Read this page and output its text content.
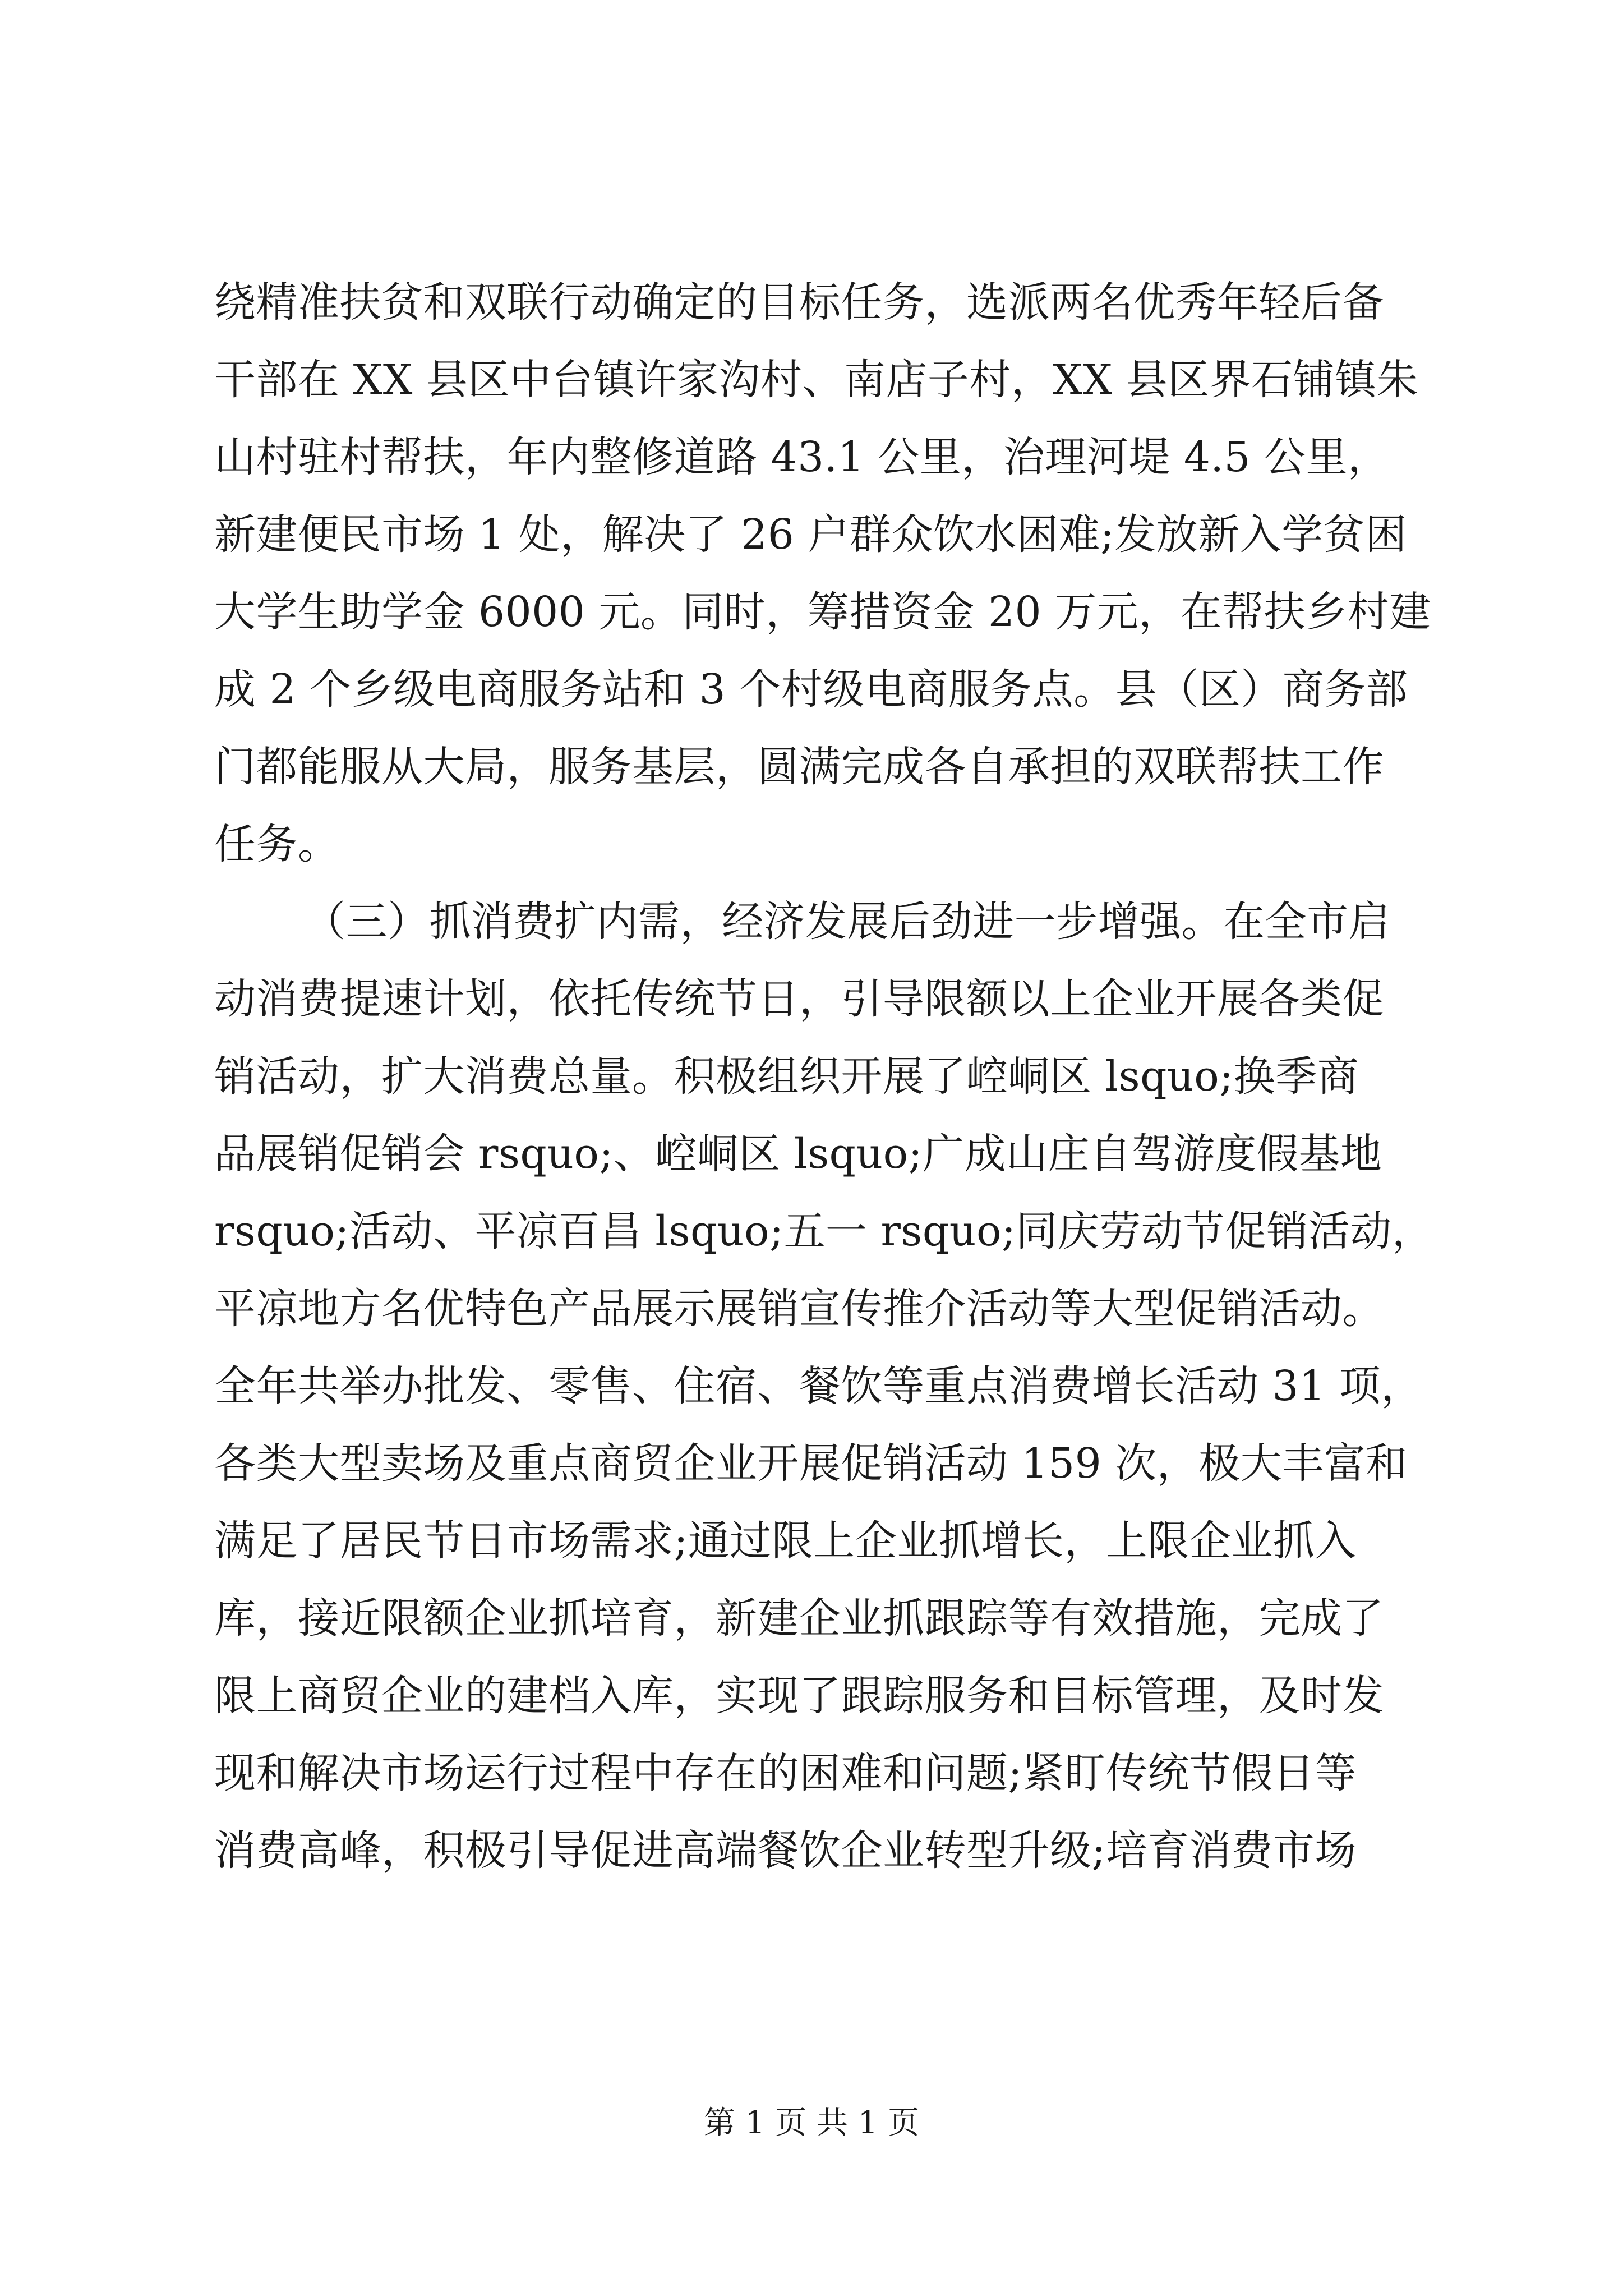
绕精准扶贫和双联行动确定的目标任务，选派两名优秀年轻后备
干部在 XX 县区中台镇许家沟村、南店子村，XX 县区界石铺镇朱
山村驻村帮扶，年内整修道路 43.1 公里，治理河堤 4.5 公里，
新建便民市场 1 处，解决了 26 户群众饮水困难;发放新入学贫困
大学生助学金 6000 元。同时，筹措资金 20 万元，在帮扶乡村建
成 2 个乡级电商服务站和 3 个村级电商服务点。县（区）商务部
门都能服从大局，服务基层，圆满完成各自承担的双联帮扶工作
任务。
（三）抓消费扩内需，经济发展后劲进一步增强。在全市启
动消费提速计划，依托传统节日，引导限额以上企业开展各类促
销活动，扩大消费总量。积极组织开展了崆峒区 lsquo;换季商
品展销促销会 rsquo;、崆峒区 lsquo;广成山庄自驾游度假基地
rsquo;活动、平凉百昌 lsquo;五一 rsquo;同庆劳动节促销活动，
平凉地方名优特色产品展示展销宣传推介活动等大型促销活动。
全年共举办批发、零售、住宿、餐饮等重点消费增长活动 31 项，
各类大型卖场及重点商贸企业开展促销活动 159 次，极大丰富和
满足了居民节日市场需求;通过限上企业抓增长，上限企业抓入
库，接近限额企业抓培育，新建企业抓跟踪等有效措施，完成了
限上商贸企业的建档入库，实现了跟踪服务和目标管理，及时发
现和解决市场运行过程中存在的困难和问题;紧盯传统节假日等
消费高峰，积极引导促进高端餐饮企业转型升级;培育消费市场
第 1 页 共 1 页
